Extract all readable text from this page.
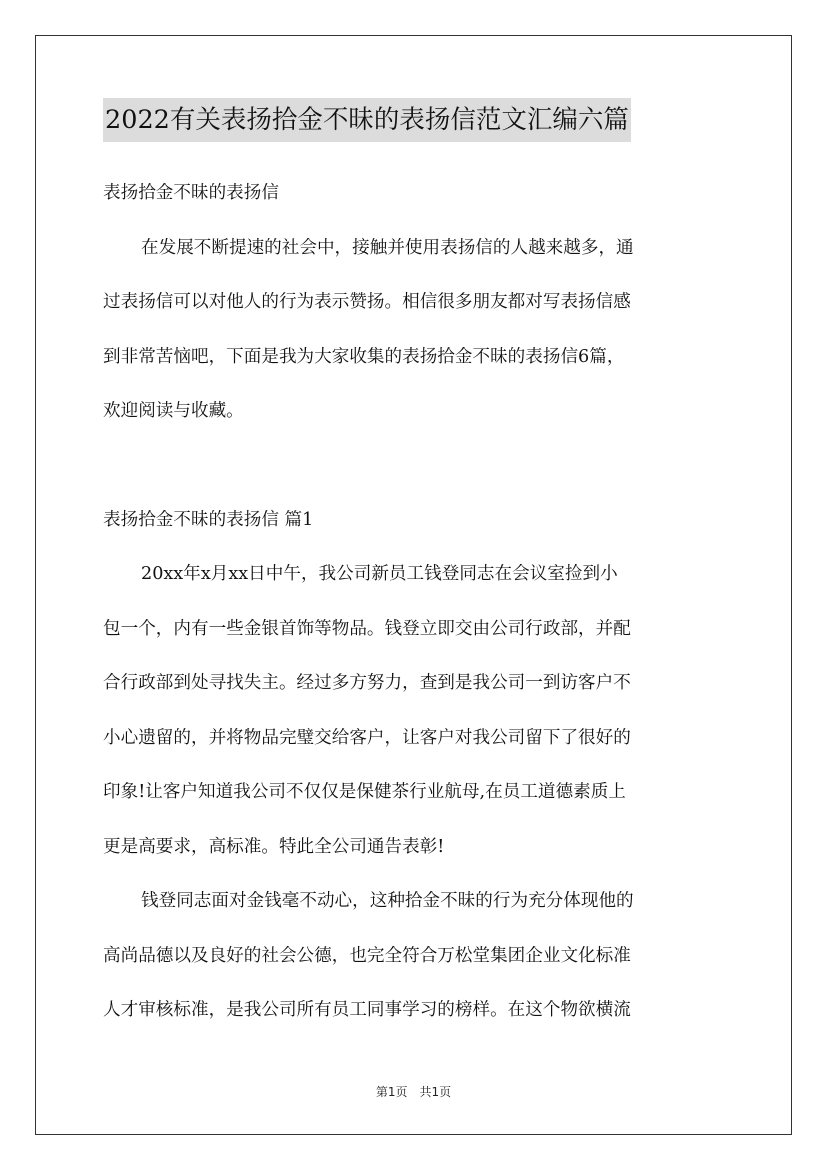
2022有关表扬拾金不昧的表扬信范文汇编六篇
表扬拾金不昧的表扬信
在发展不断提速的社会中，接触并使用表扬信的人越来越多，通
过表扬信可以对他人的行为表示赞扬。相信很多朋友都对写表扬信感
到非常苦恼吧，下面是我为大家收集的表扬拾金不昧的表扬信6篇，
欢迎阅读与收藏。
表扬拾金不昧的表扬信 篇1
20xx年x月xx日中午，我公司新员工钱登同志在会议室捡到小
包一个，内有一些金银首饰等物品。钱登立即交由公司行政部，并配
合行政部到处寻找失主。经过多方努力，查到是我公司一到访客户不
小心遗留的，并将物品完璧交给客户，让客户对我公司留下了很好的
印象!让客户知道我公司不仅仅是保健茶行业航母,在员工道德素质上
更是高要求，高标准。特此全公司通告表彰!
钱登同志面对金钱毫不动心，这种拾金不昧的行为充分体现他的
高尚品德以及良好的社会公德，也完全符合万松堂集团企业文化标准
人才审核标准，是我公司所有员工同事学习的榜样。在这个物欲横流
第1页 共1页
